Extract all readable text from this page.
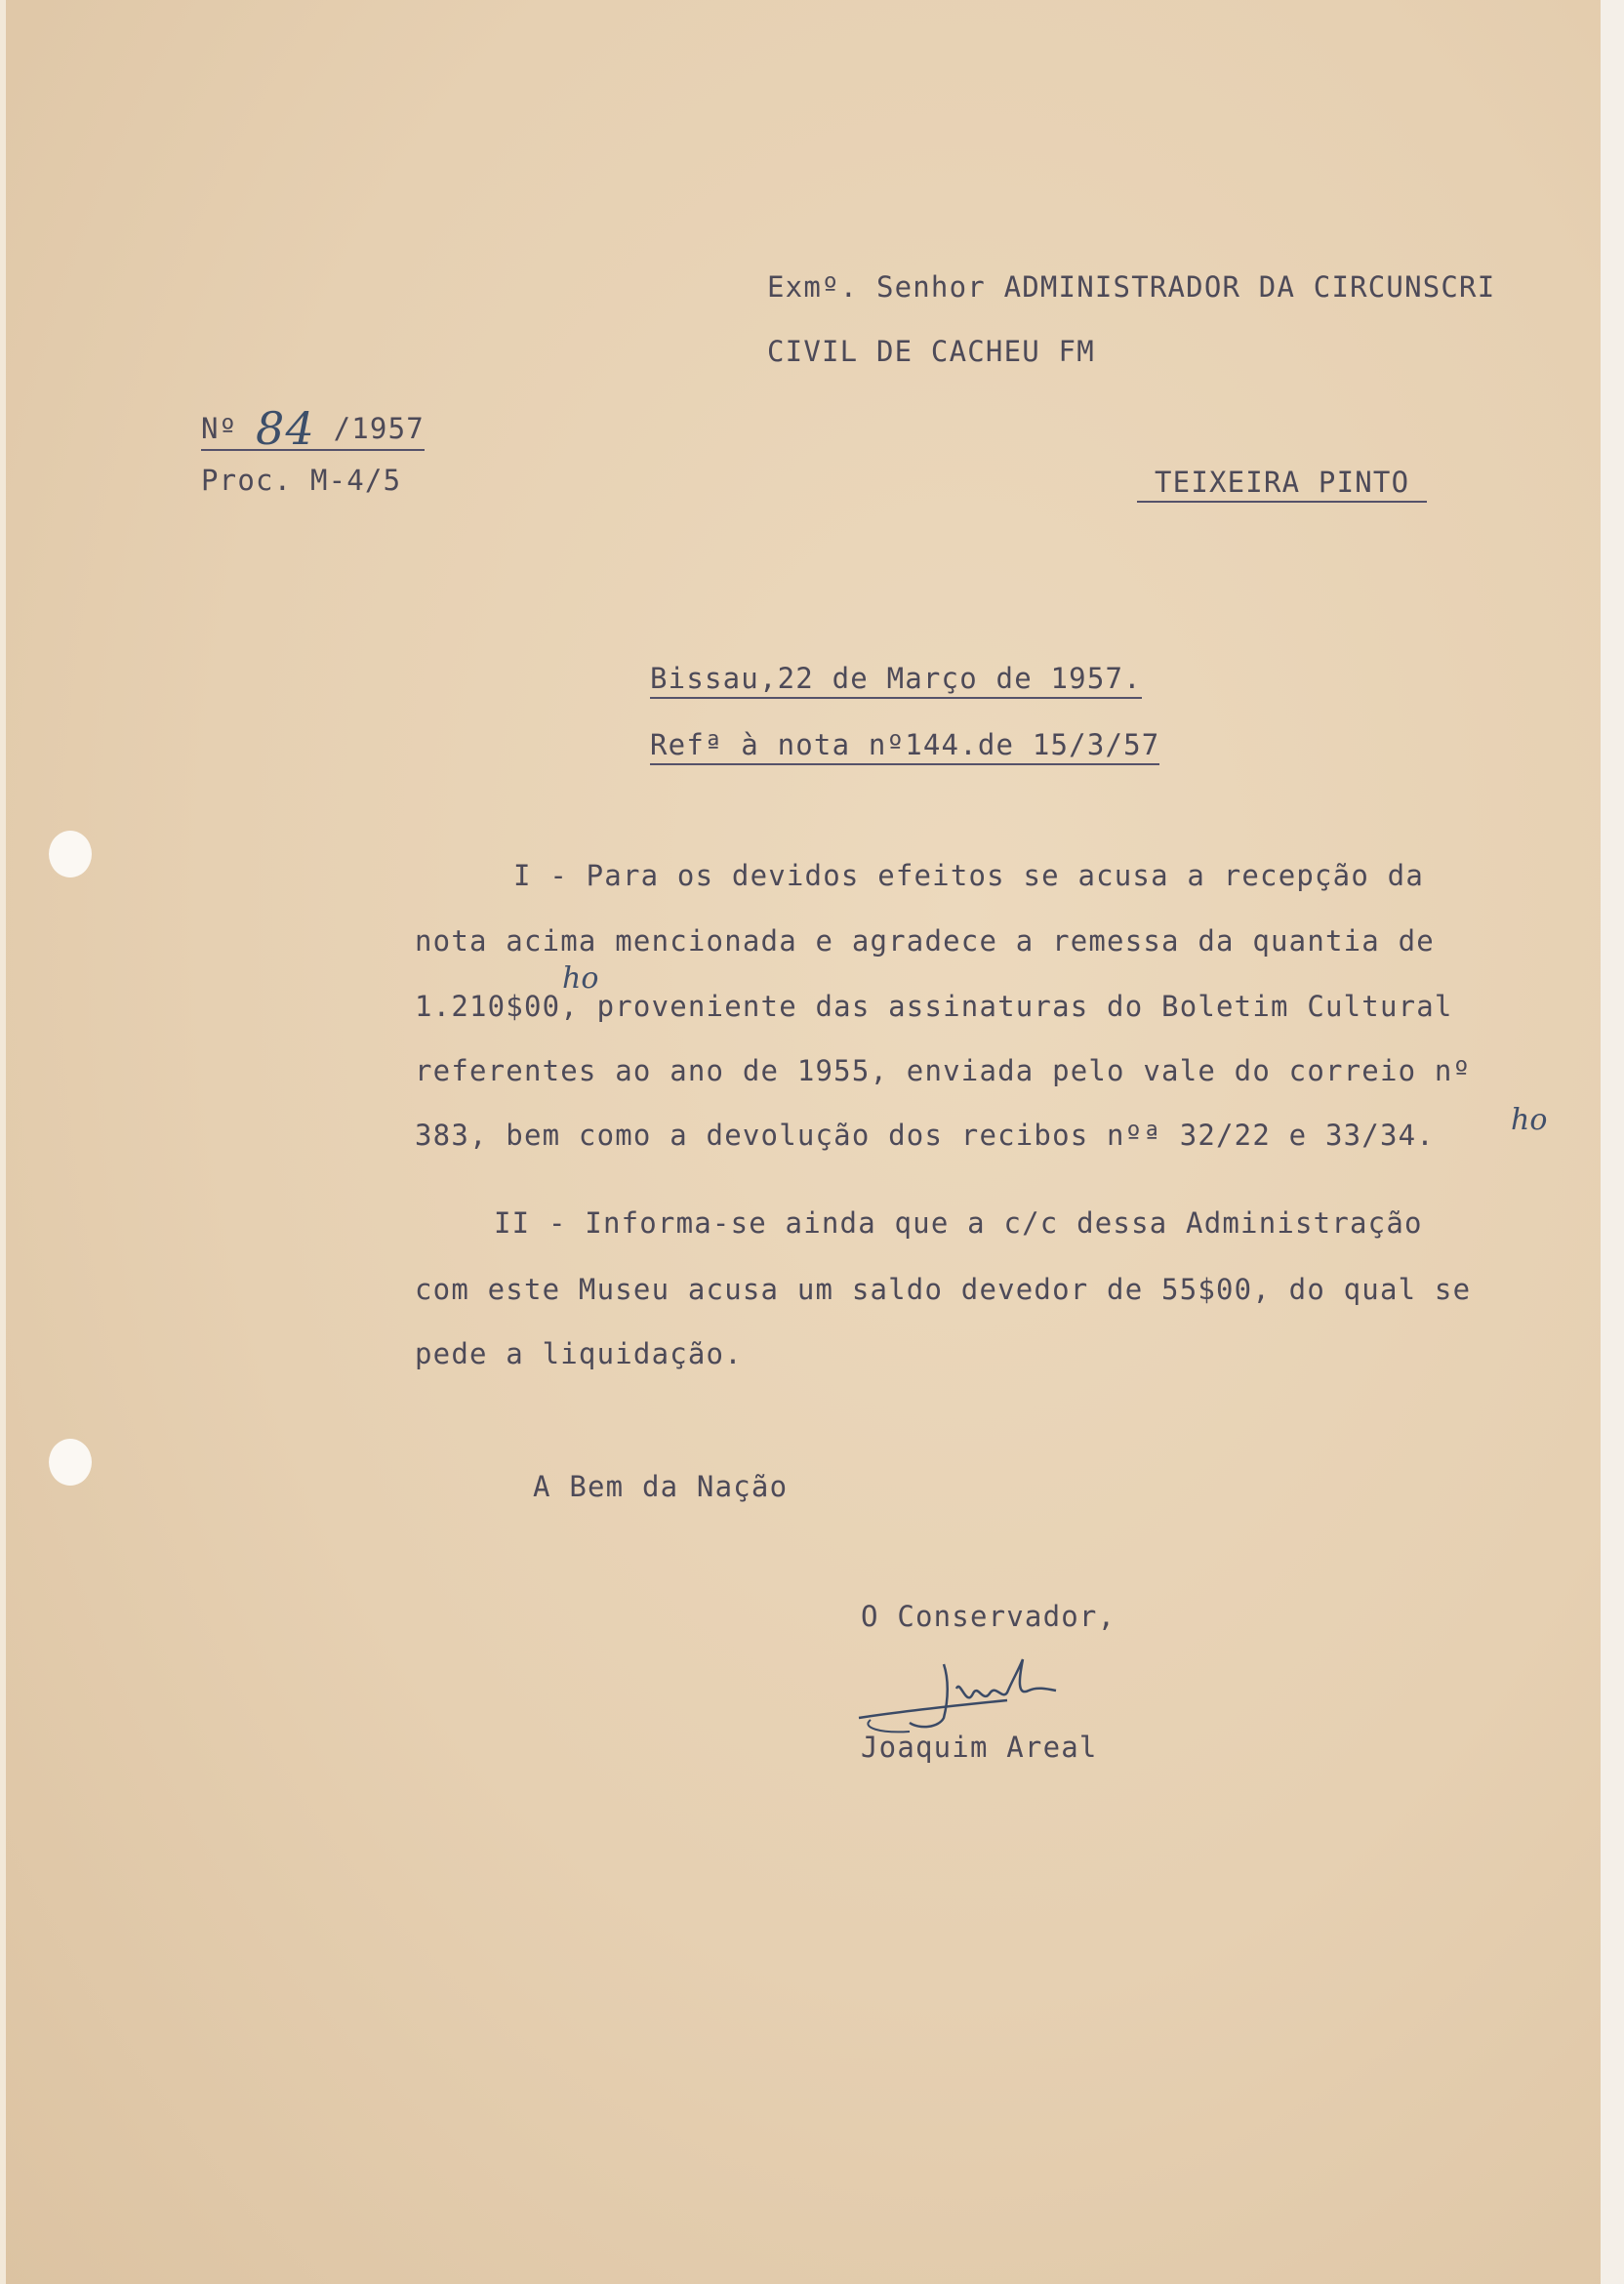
Exmº. Senhor ADMINISTRADOR DA CIRCUNSCRI
CIVIL DE CACHEU FM
Nº 84 /1957
Proc. M-4/5	TEIXEIRA PINTO
Bissau,22 de Março de 1957.
Refª à nota nº144.de 15/3/57
I - Para os devidos efeitos se acusa a recepção da
nota acima mencionada e agradece a remessa da quantia de
1.210$00, proveniente das assinaturas do Boletim Cultural
referentes ao ano de 1955, enviada pelo vale do correio nº
383, bem como a devolução dos recibos nºª 32/22 e 33/34.
ho
ho
II - Informa-se ainda que a c/c dessa Administração
com este Museu acusa um saldo devedor de 55$00, do qual se
pede a liquidação.
A Bem da Nação
O Conservador,
Joaquim Areal
